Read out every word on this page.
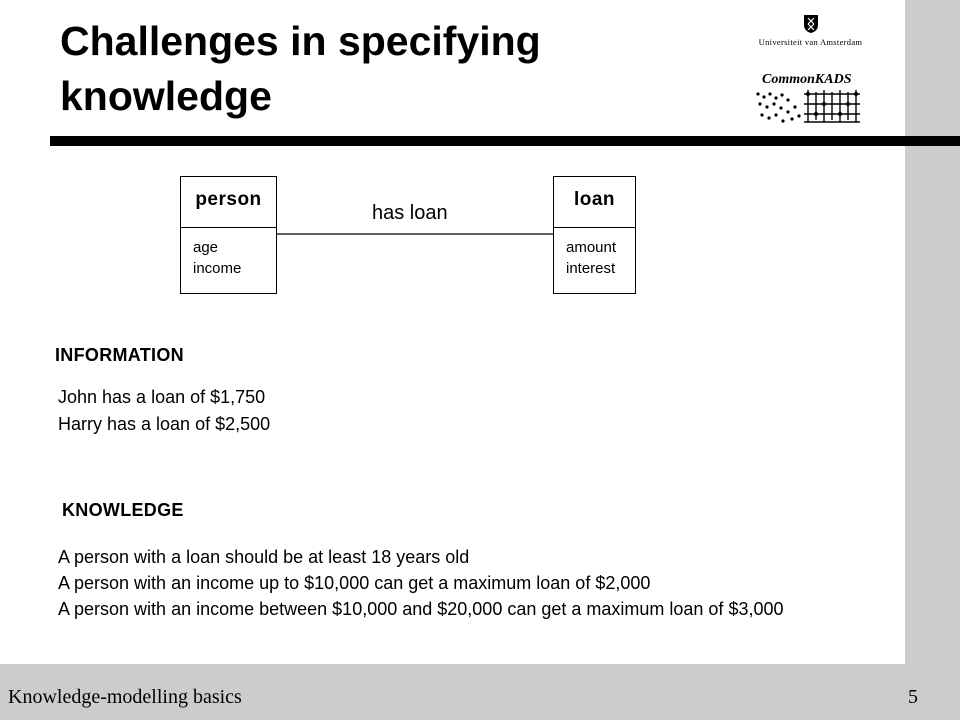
Knowledge-modelling basics	5
Challenges in specifying
knowledge
Universiteit van Amsterdam
CommonKADS
person
age
income
has loan
loan
amount
interest
INFORMATION
John has a loan of $1,750
Harry has a loan of $2,500
KNOWLEDGE
A person with a loan should be at least 18 years old
A person with an income up to $10,000 can get a maximum loan of $2,000
A person with an income between $10,000 and $20,000 can get a maximum loan of $3,000
